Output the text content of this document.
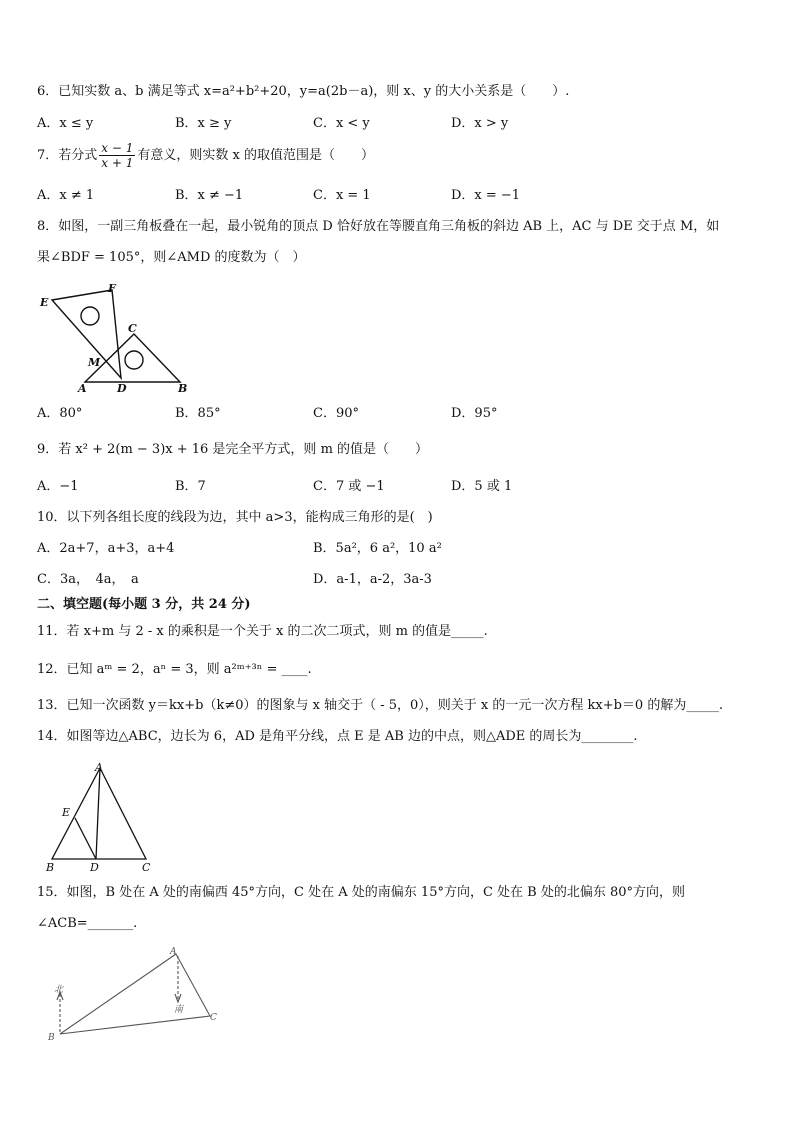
6．已知实数 a、b 满足等式 x=a²+b²+20，y=a(2b－a)，则 x、y 的大小关系是（　　）.
A．x ≤ y	B．x ≥ y	C．x < y	D．x > y
7．若分式 $\frac{x - 1}{x + 1}$ 有意义，则实数 x 的取值范围是（　　）
A．x ≠ 1	B．x ≠ −1	C．x = 1	D．x = −1
8．如图，一副三角板叠在一起，最小锐角的顶点 D 恰好放在等腰直角三角板的斜边 AB 上，AC 与 DE 交于点 M，如
果∠BDF = 105°，则∠AMD 的度数为（　）
E
F
C
M
A	D	B
A．80°	B．85°	C．90°	D．95°
9．若 x² + 2(m − 3)x + 16 是完全平方式，则 m 的值是（　　）
A．−1	B．7	C．7 或 −1	D．5 或 1
10．以下列各组长度的线段为边，其中 a>3，能构成三角形的是(　)
A．2a+7，a+3，a+4	B．5a²，6 a²，10 a²
C．3a，　4a，　a	D．a-1，a-2，3a-3
二、填空题(每小题 3 分，共 24 分)
11．若 x+m 与 2 - x 的乘积是一个关于 x 的二次二项式，则 m 的值是_____.
12．已知 aᵐ = 2，aⁿ = 3，则 a²ᵐ⁺³ⁿ = ____.
13．已知一次函数 y＝kx+b（k≠0）的图象与 x 轴交于（ - 5，0），则关于 x 的一元一次方程 kx+b＝0 的解为_____.
14．如图等边△ABC，边长为 6，AD 是角平分线，点 E 是 AB 边的中点，则△ADE 的周长为________.
A
E
B	D	C
15．如图，B 处在 A 处的南偏西 45°方向，C 处在 A 处的南偏东 15°方向，C 处在 B 处的北偏东 80°方向，则
∠ACB=_______.
A
北
南
B
C
